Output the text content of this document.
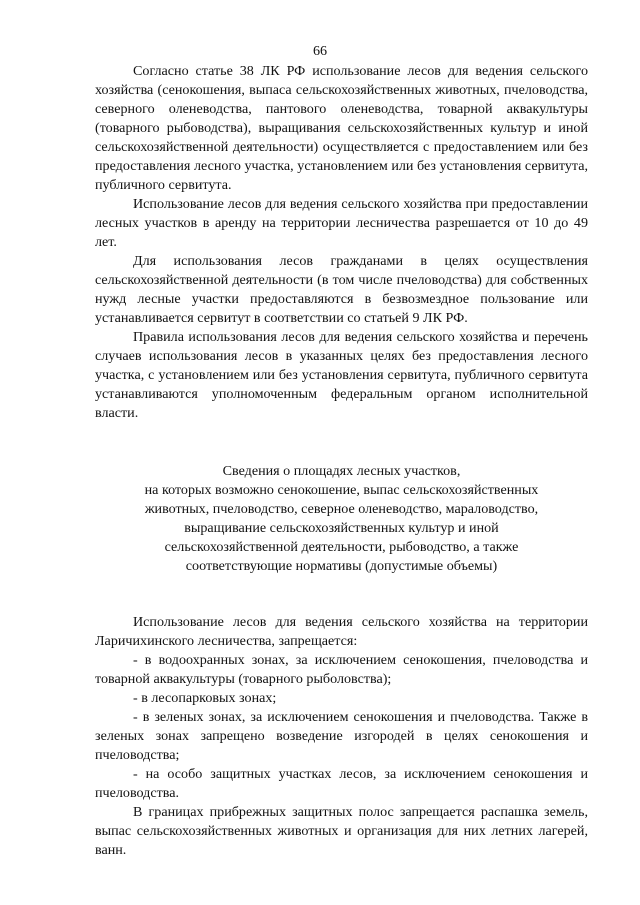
66

Согласно статье 38 ЛК РФ использование лесов для ведения сельского хозяйства (сенокошения, выпаса сельскохозяйственных животных, пчеловодства, северного оленеводства, пантового оленеводства, товарной аквакультуры (товарного рыбоводства), выращивания сельскохозяйственных культур и иной сельскохозяйственной деятельности) осуществляется с предоставлением или без предоставления лесного участка, установлением или без установления сервитута, публичного сервитута.

Использование лесов для ведения сельского хозяйства при предоставлении лесных участков в аренду на территории лесничества разрешается от 10 до 49 лет.

Для использования лесов гражданами в целях осуществления сельскохозяйственной деятельности (в том числе пчеловодства) для собственных нужд лесные участки предоставляются в безвозмездное пользование или устанавливается сервитут в соответствии со статьей 9 ЛК РФ.

Правила использования лесов для ведения сельского хозяйства и перечень случаев использования лесов в указанных целях без предоставления лесного участка, с установлением или без установления сервитута, публичного сервитута устанавливаются уполномоченным федеральным органом исполнительной власти.

Сведения о площадях лесных участков,
на которых возможно сенокошение, выпас сельскохозяйственных
животных, пчеловодство, северное оленеводство, мараловодство,
выращивание сельскохозяйственных культур и иной
сельскохозяйственной деятельности, рыбоводство, а также
соответствующие нормативы (допустимые объемы)

Использование лесов для ведения сельского хозяйства на территории Ларичихинского лесничества, запрещается:

- в водоохранных зонах, за исключением сенокошения, пчеловодства и товарной аквакультуры (товарного рыболовства);

- в лесопарковых зонах;

- в зеленых зонах, за исключением сенокошения и пчеловодства. Также в зеленых зонах запрещено возведение изгородей в целях сенокошения и пчеловодства;

- на особо защитных участках лесов, за исключением сенокошения и пчеловодства.

В границах прибрежных защитных полос запрещается распашка земель, выпас сельскохозяйственных животных и организация для них летних лагерей, ванн.
